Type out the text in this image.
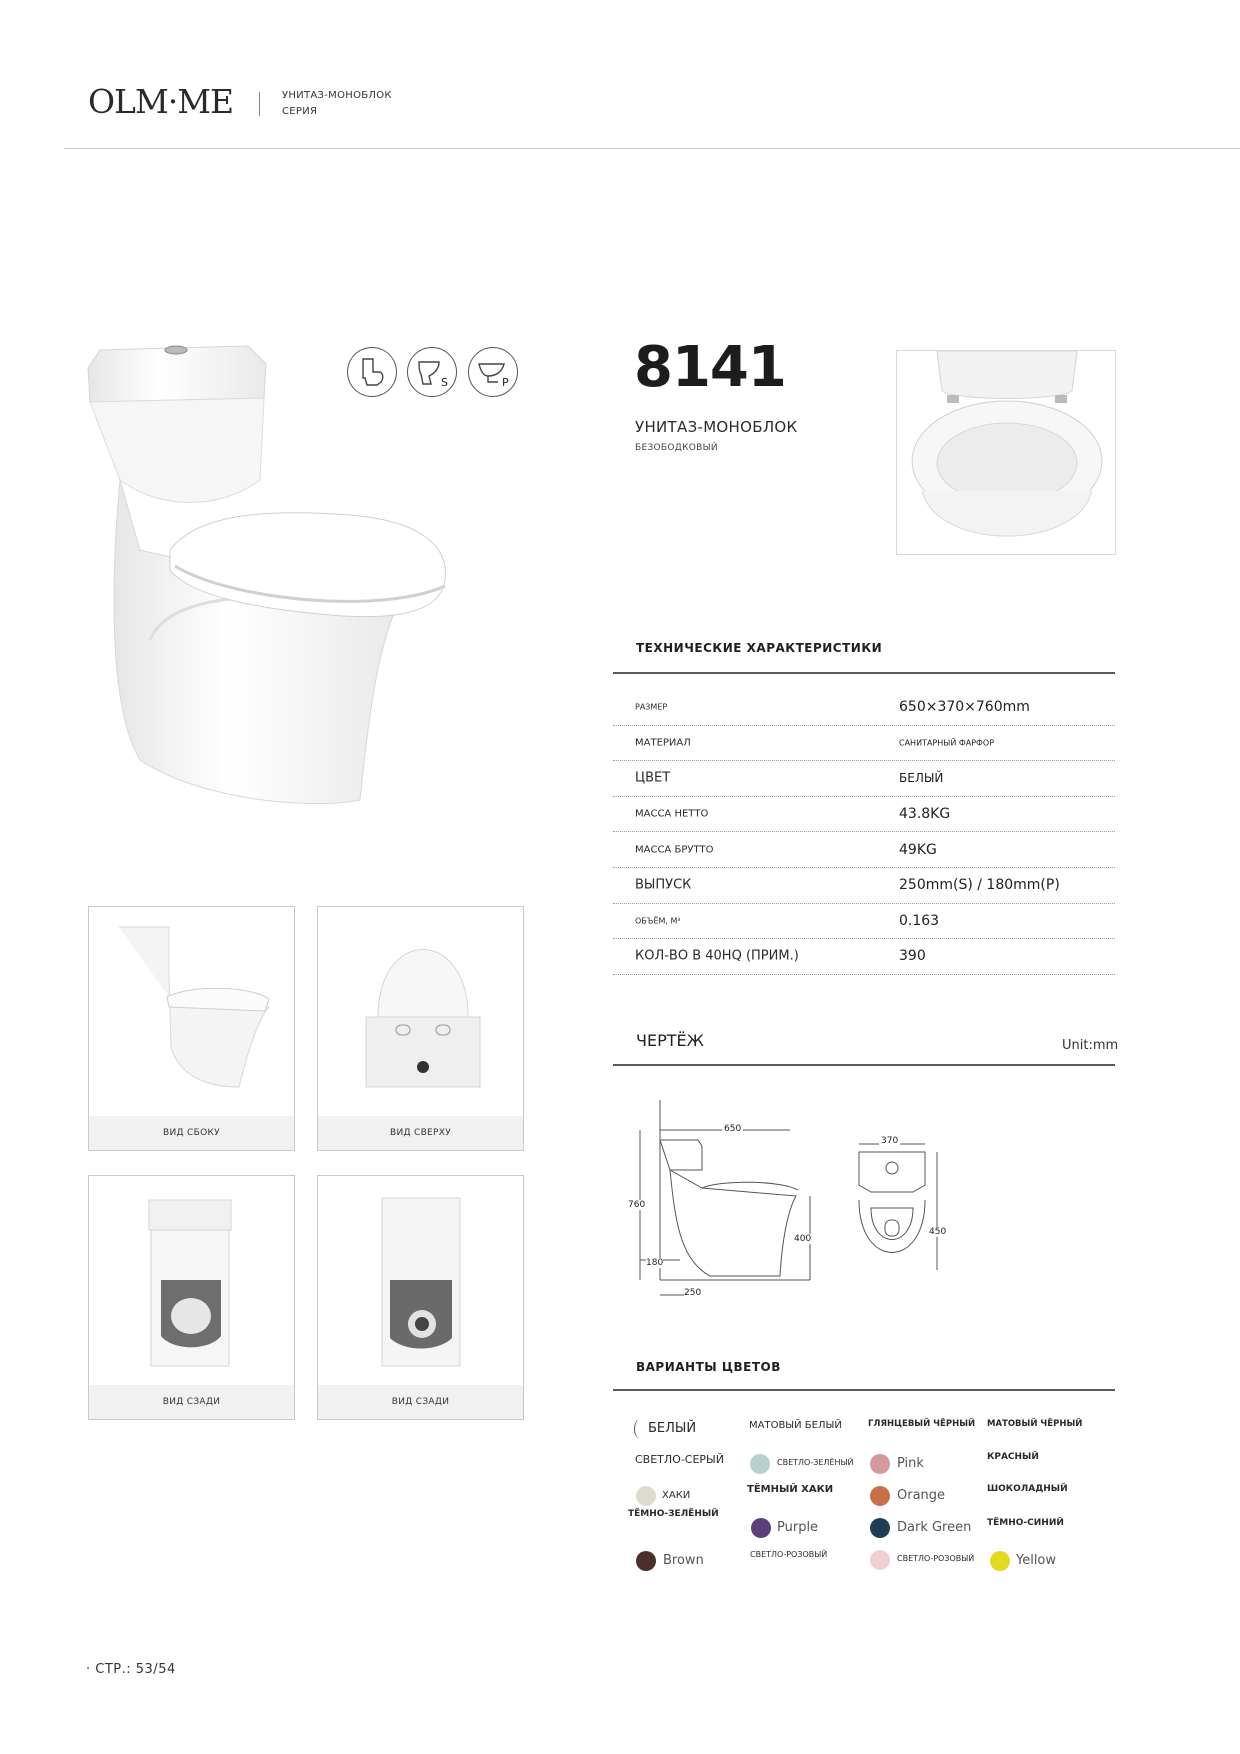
OLM·ME	УНИТАЗ-МОНОБЛОК
СЕРИЯ
S	P 8141
УНИТАЗ-МОНОБЛОК
БЕЗОБОДКОВЫЙ
ТЕХНИЧЕСКИЕ ХАРАКТЕРИСТИКИ
РАЗМЕР	650×370×760mm
МАТЕРИАЛ	САНИТАРНЫЙ ФАРФОР
ЦВЕТ	БЕЛЫЙ
МАССА НЕТТО	43.8KG
МАССА БРУТТО	49KG
ВЫПУСК	250mm(S) / 180mm(P)
ОБЪЁМ, М³	0.163
КОЛ-ВО В 40HQ (ПРИМ.)	390
ЧЕРТЁЖ	Unit:mm
650
760
400
180
250
370
450
ВИД СБОКУ	ВИД СВЕРХУ
ВИД СЗАДИ	ВИД СЗАДИ
ВАРИАНТЫ ЦВЕТОВ
БЕЛЫЙ	МАТОВЫЙ БЕЛЫЙ	ГЛЯНЦЕВЫЙ ЧЁРНЫЙ МАТОВЫЙ ЧЁРНЫЙ
СВЕТЛО-СЕРЫЙ	СВЕТЛО-ЗЕЛЁНЫЙ	Pink	КРАСНЫЙ
ХАКИ
ТЁМНЫЙ ХАКИ	Orange	ШОКОЛАДНЫЙ
ТЁМНО-ЗЕЛЁНЫЙ
Purple	Dark Green ТЁМНО-СИНИЙ
Brown	СВЕТЛО-РОЗОВЫЙ	СВЕТЛО-РОЗОВЫЙ	Yellow
· СТР.: 53/54
